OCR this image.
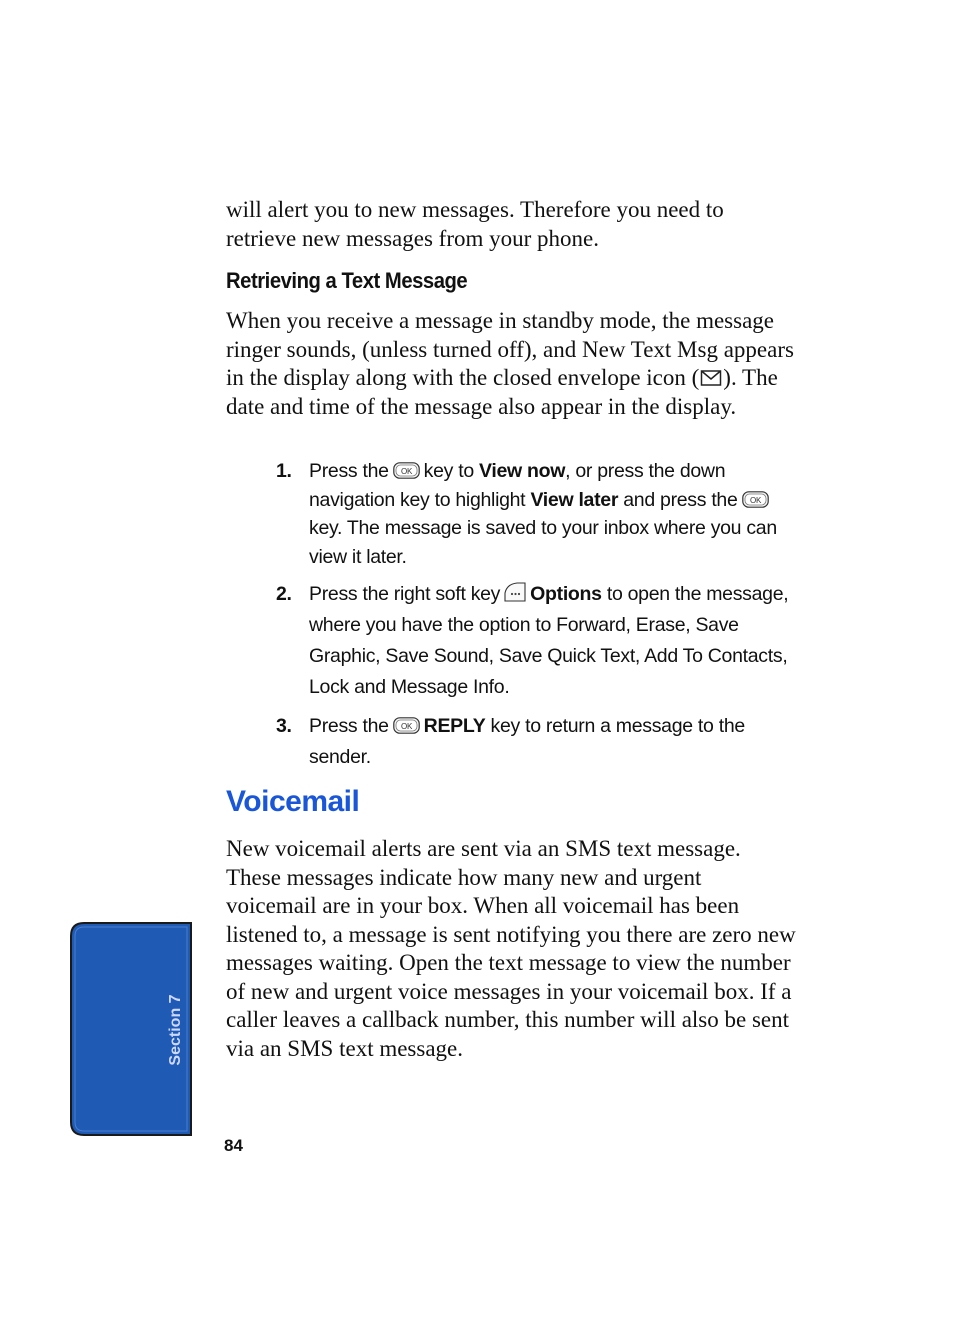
will alert you to new messages. Therefore you need to retrieve new messages from your phone.

Retrieving a Text Message

When you receive a message in standby mode, the message ringer sounds, (unless turned off), and New Text Msg appears in the display along with the closed envelope icon ( ). The date and time of the message also appear in the display.

1. Press the OK key to View now, or press the down navigation key to highlight View later and press the OK
key. The message is saved to your inbox where you can view it later.
2. Press the right soft key Options to open the message, where you have the option to Forward, Erase, Save Graphic, Save Sound, Save Quick Text, Add To Contacts, Lock and Message Info.
3. Press the OK REPLY key to return a message to the sender.
Voicemail

New voicemail alerts are sent via an SMS text message. These messages indicate how many new and urgent voicemail are in your box. When all voicemail has been listened to, a message is sent notifying you there are zero new messages waiting. Open the text message to view the number of new and urgent voice messages in your voicemail box. If a caller leaves a callback number, this number will also be sent via an SMS text message.

Section 7
84
